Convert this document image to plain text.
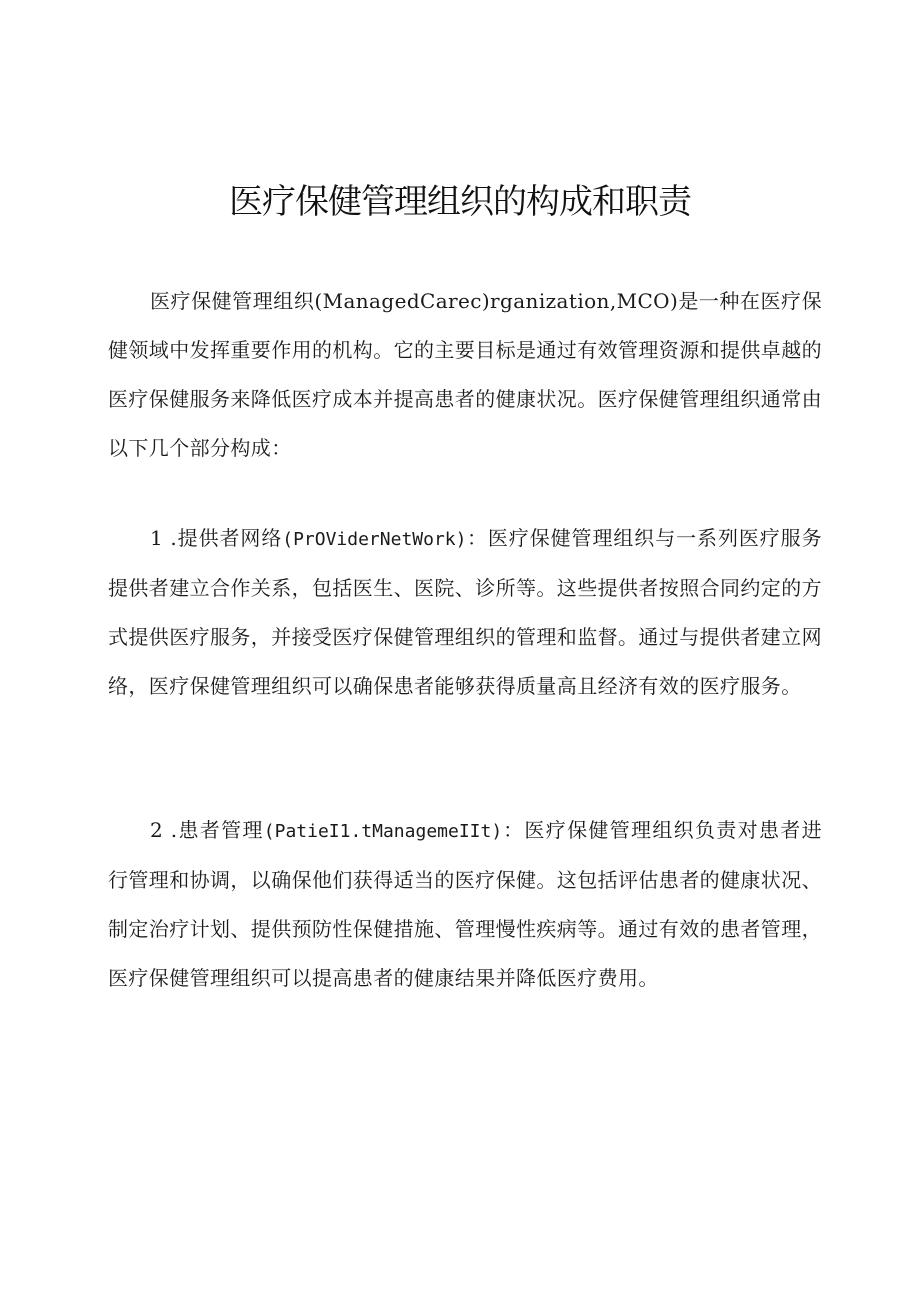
医疗保健管理组织的构成和职责

医疗保健管理组织(ManagedCarec)rganization,MCO)是一种在医疗保健领域中发挥重要作用的机构。它的主要目标是通过有效管理资源和提供卓越的医疗保健服务来降低医疗成本并提高患者的健康状况。医疗保健管理组织通常由以下几个部分构成：

1 .提供者网络(PrOViderNetWork)：医疗保健管理组织与一系列医疗服务提供者建立合作关系，包括医生、医院、诊所等。这些提供者按照合同约定的方式提供医疗服务，并接受医疗保健管理组织的管理和监督。通过与提供者建立网络，医疗保健管理组织可以确保患者能够获得质量高且经济有效的医疗服务。

2 .患者管理(PatieI1.tManagemeIIt)：医疗保健管理组织负责对患者进行管理和协调，以确保他们获得适当的医疗保健。这包括评估患者的健康状况、制定治疗计划、提供预防性保健措施、管理慢性疾病等。通过有效的患者管理，医疗保健管理组织可以提高患者的健康结果并降低医疗费用。
